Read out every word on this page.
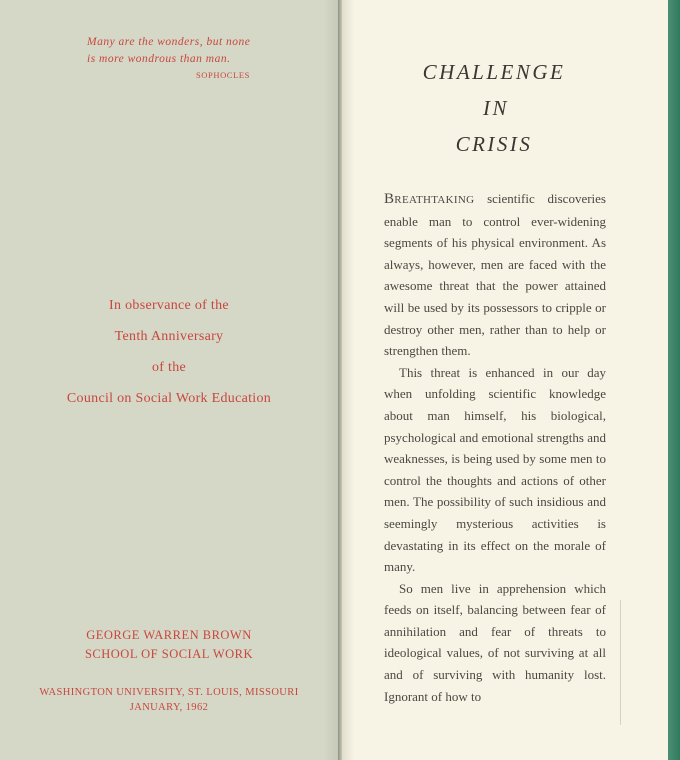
Many are the wonders, but none
is more wondrous than man.
SOPHOCLES
In observance of the
Tenth Anniversary
of the
Council on Social Work Education
GEORGE WARREN BROWN
SCHOOL OF SOCIAL WORK
WASHINGTON UNIVERSITY, ST. LOUIS, MISSOURI
JANUARY, 1962
CHALLENGE
IN
CRISIS

Breathtaking scientific discoveries enable man to control ever-widening segments of his physical environment. As always, however, men are faced with the awesome threat that the power attained will be used by its possessors to cripple or destroy other men, rather than to help or strengthen them.

This threat is enhanced in our day when unfolding scientific knowledge about man himself, his biological, psychological and emotional strengths and weaknesses, is being used by some men to control the thoughts and actions of other men. The possibility of such insidious and seemingly mysterious activities is devastating in its effect on the morale of many.

So men live in apprehension which feeds on itself, balancing between fear of annihilation and fear of threats to ideological values, of not surviving at all and of surviving with humanity lost. Ignorant of how to
